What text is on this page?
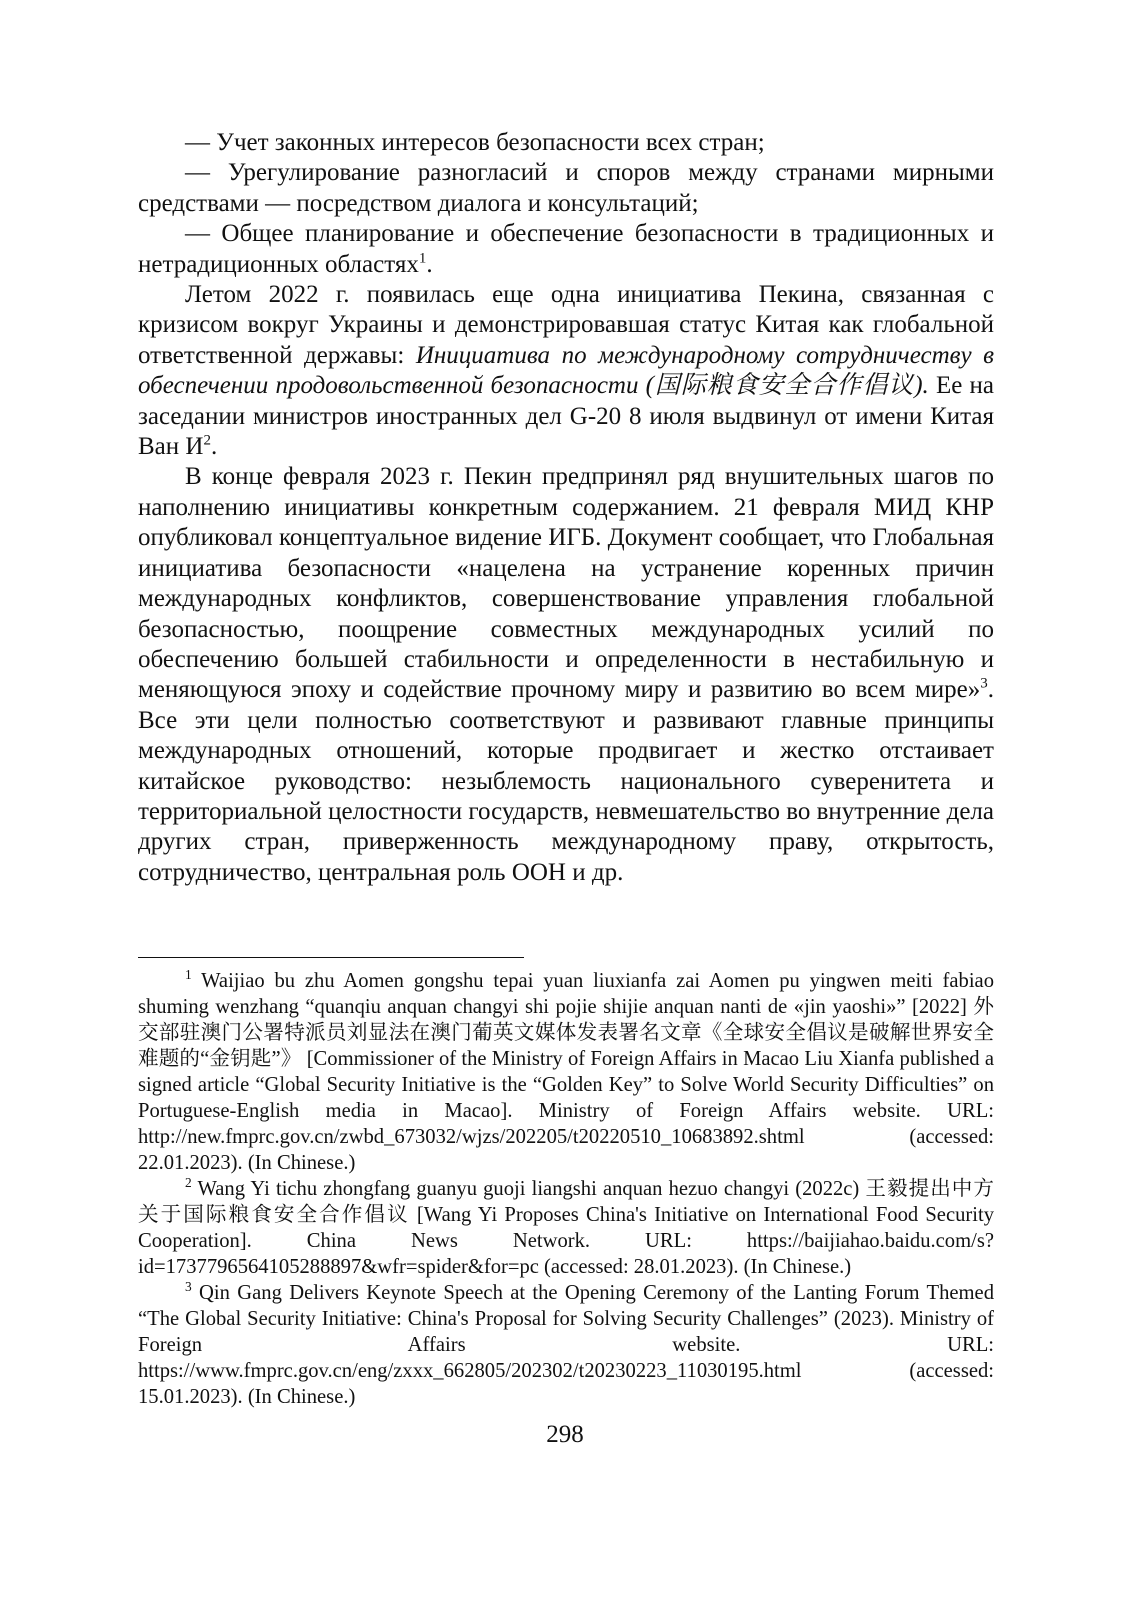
— Учет законных интересов безопасности всех стран;

— Урегулирование разногласий и споров между странами мирными средствами — посредством диалога и консультаций;

— Общее планирование и обеспечение безопасности в традиционных и нетрадиционных областях$^1$.

Летом 2022 г. появилась еще одна инициатива Пекина, связанная с кризисом вокруг Украины и демонстрировавшая статус Китая как глобальной ответственной державы: Инициатива по международному сотрудничеству в обеспечении продовольственной безопасности (国际粮食安全合作倡议). Ее на заседании министров иностранных дел G-20 8 июля выдвинул от имени Китая Ван $И^2$.

В конце февраля 2023 г. Пекин предпринял ряд внушительных шагов по наполнению инициативы конкретным содержанием. 21 февраля МИД КНР опубликовал концептуальное видение ИГБ. Документ сообщает, что Глобальная инициатива безопасности «нацелена на устранение коренных причин международных конфликтов, совершенствование управления глобальной безопасностью, поощрение совместных международных усилий по обеспечению большей стабильности и определенности в нестабильную и меняющуюся эпоху и содействие прочному миру и развитию во всем мире»$^3$. Все эти цели полностью соответствуют и развивают главные принципы международных отношений, которые продвигает и жестко отстаивает китайское руководство: незыблемость национального суверенитета и территориальной целостности государств, невмешательство во внутренние дела других стран, приверженность международному праву, открытость, сотрудничество, центральная роль ООН и др.

$^1$ Waijiao bu zhu Aomen gongshu tepai yuan liuxianfa zai Aomen pu yingwen meiti fabiao shuming wenzhang “quanqiu anquan changyi shi pojie shijie anquan nanti de «jin yaoshi»” [2022] 外交部驻澳门公署特派员刘显法在澳门葡英文媒体发表署名文章《全球安全倡议是破解世界安全难题的“金钥匙”》 [Commissioner of the Ministry of Foreign Affairs in Macao Liu Xianfa published a signed article “Global Security Initiative is the “Golden Key” to Solve World Security Difficulties” on Portuguese-English media in Macao]. Ministry of Foreign Affairs website. URL: http://new.fmprc.gov.cn/zwbd_673032/wjzs/202205/t20220510_10683892.shtml (accessed: 22.01.2023). (In Chinese.)

$^2$ Wang Yi tichu zhongfang guanyu guoji liangshi anquan hezuo changyi (2022c) 王毅提出中方关于国际粮食安全合作倡议 [Wang Yi Proposes China's Initiative on International Food Security Cooperation]. China News Network. URL: https://baijiahao.baidu.com/s?id=1737796564105288897&wfr=spider&for=pc (accessed: 28.01.2023). (In Chinese.)

$^3$ Qin Gang Delivers Keynote Speech at the Opening Ceremony of the Lanting Forum Themed “The Global Security Initiative: China's Proposal for Solving Security Challenges” (2023). Ministry of Foreign Affairs website. URL: https://www.fmprc.gov.cn/eng/zxxx_662805/202302/t20230223_11030195.html (accessed: 15.01.2023). (In Chinese.)

298
